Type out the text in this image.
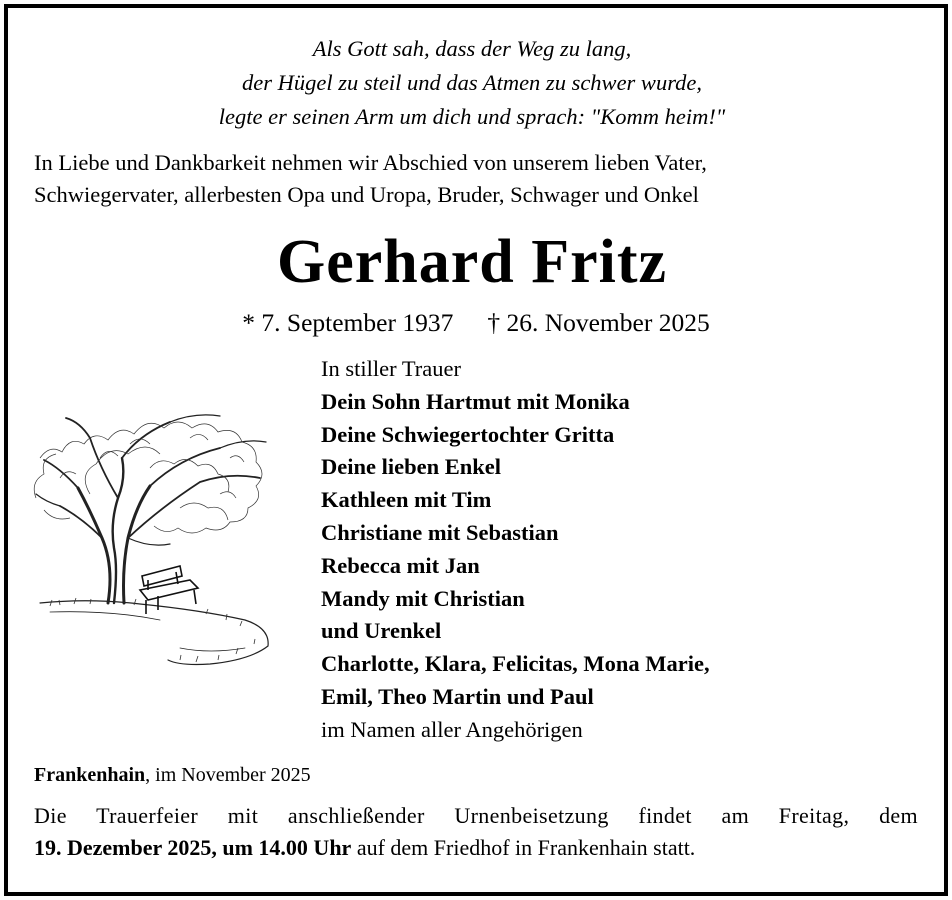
Als Gott sah, dass der Weg zu lang,
der Hügel zu steil und das Atmen zu schwer wurde,
legte er seinen Arm um dich und sprach: "Komm heim!"
In Liebe und Dankbarkeit nehmen wir Abschied von unserem lieben Vater,
Schwiegervater, allerbesten Opa und Uropa, Bruder, Schwager und Onkel
Gerhard Fritz
* 7. September 1937 † 26. November 2025
In stiller Trauer
Dein Sohn Hartmut mit Monika
Deine Schwiegertochter Gritta
Deine lieben Enkel
Kathleen mit Tim
Christiane mit Sebastian
Rebecca mit Jan
Mandy mit Christian
und Urenkel
Charlotte, Klara, Felicitas, Mona Marie,
Emil, Theo Martin und Paul
im Namen aller Angehörigen
Frankenhain, im November 2025
Die Trauerfeier mit anschließender Urnenbeisetzung findet am Freitag, dem
19. Dezember 2025, um 14.00 Uhr auf dem Friedhof in Frankenhain statt.
